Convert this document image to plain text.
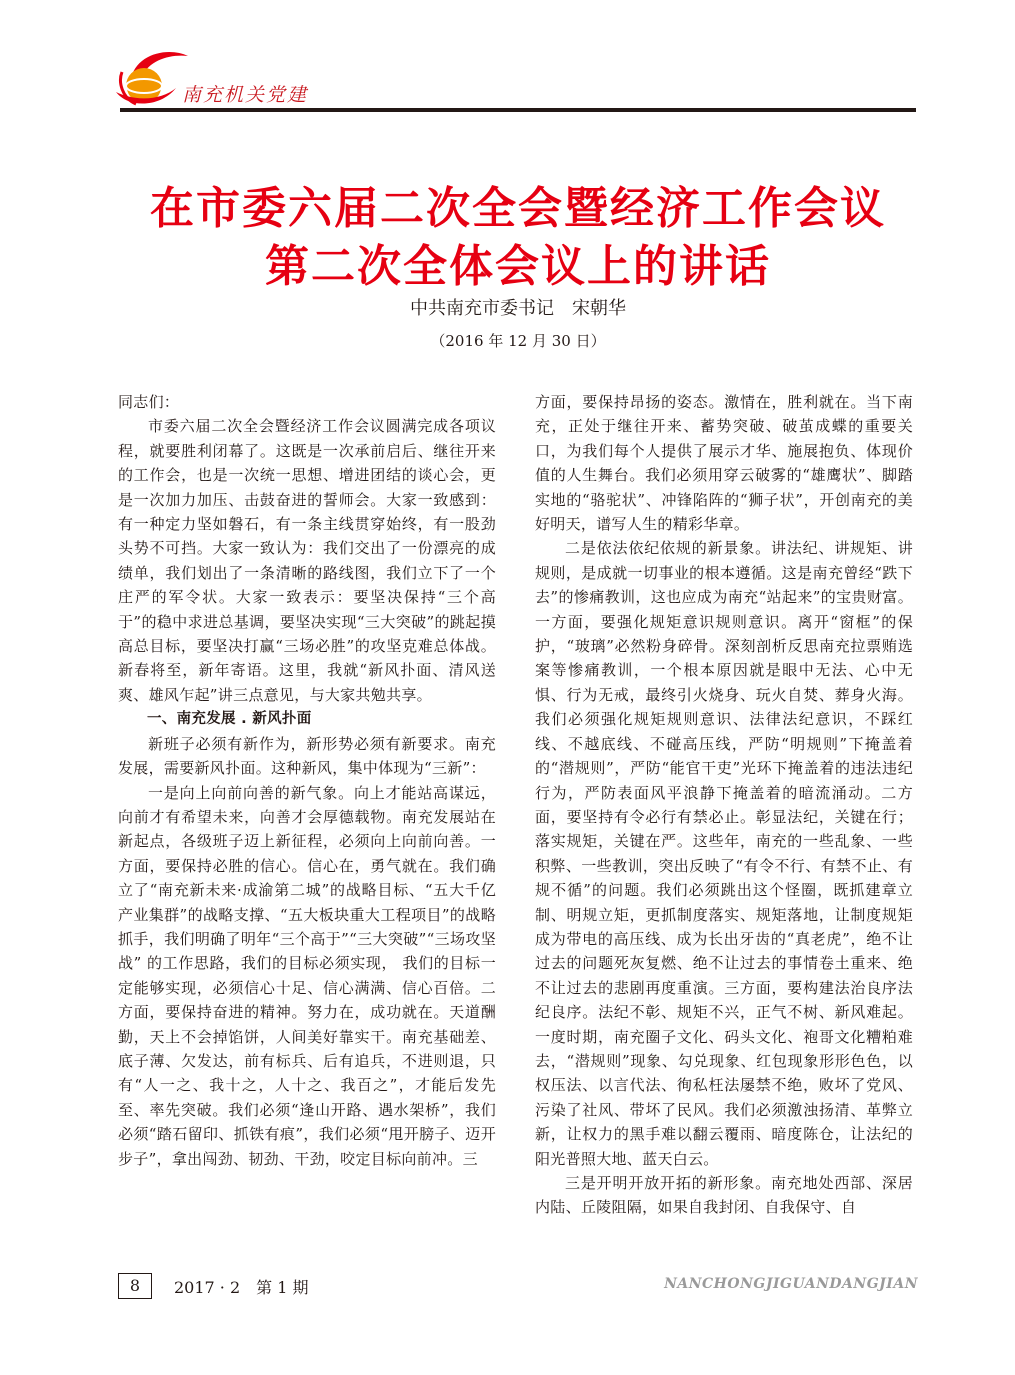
南充机关党建
在市委六届二次全会暨经济工作会议
第二次全体会议上的讲话
中共南充市委书记 宋朝华
（2016 年 12 月 30 日）

同志们：

市委六届二次全会暨经济工作会议圆满完成各项议程，就要胜利闭幕了。这既是一次承前启后、继往开来的工作会，也是一次统一思想、增进团结的谈心会，更是一次加力加压、击鼓奋进的誓师会。大家一致感到：有一种定力坚如磐石，有一条主线贯穿始终，有一股劲头势不可挡。大家一致认为：我们交出了一份漂亮的成绩单，我们划出了一条清晰的路线图，我们立下了一个庄严的军令状。大家一致表示：要坚决保持“三个高于”的稳中求进总基调，要坚决实现“三大突破”的跳起摸高总目标，要坚决打赢“三场必胜”的攻坚克难总体战。新春将至，新年寄语。这里，我就“新风扑面、清风送爽、雄风乍起”讲三点意见，与大家共勉共享。

一、南充发展 . 新风扑面

新班子必须有新作为，新形势必须有新要求。南充发展，需要新风扑面。这种新风，集中体现为“三新”：

一是向上向前向善的新气象。向上才能站高谋远，向前才有希望未来，向善才会厚德载物。南充发展站在新起点，各级班子迈上新征程，必须向上向前向善。一方面，要保持必胜的信心。信心在，勇气就在。我们确立了“南充新未来·成渝第二城”的战略目标、“五大千亿产业集群”的战略支撑、“五大板块重大工程项目”的战略抓手，我们明确了明年“三个高于”“三大突破”“三场攻坚战” 的工作思路，我们的目标必须实现， 我们的目标一定能够实现，必须信心十足、信心满满、信心百倍。二方面，要保持奋进的精神。努力在，成功就在。天道酬勤，天上不会掉馅饼，人间美好靠实干。南充基础差、底子薄、欠发达，前有标兵、后有追兵，不进则退，只有“人一之、我十之，人十之、我百之”，才能后发先至、率先突破。我们必须“逢山开路、遇水架桥”，我们必须“踏石留印、抓铁有痕”，我们必须“甩开膀子、迈开步子”，拿出闯劲、韧劲、干劲，咬定目标向前冲。三

方面，要保持昂扬的姿态。激情在，胜利就在。当下南充，正处于继往开来、蓄势突破、破茧成蝶的重要关口，为我们每个人提供了展示才华、施展抱负、体现价值的人生舞台。我们必须用穿云破雾的“雄鹰状”、脚踏实地的“骆驼状”、冲锋陷阵的“狮子状”，开创南充的美好明天，谱写人生的精彩华章。

二是依法依纪依规的新景象。讲法纪、讲规矩、讲规则，是成就一切事业的根本遵循。这是南充曾经“跌下去”的惨痛教训，这也应成为南充“站起来”的宝贵财富。一方面，要强化规矩意识规则意识。离开“窗框”的保护，“玻璃”必然粉身碎骨。深刻剖析反思南充拉票贿选案等惨痛教训，一个根本原因就是眼中无法、心中无惧、行为无戒，最终引火烧身、玩火自焚、葬身火海。我们必须强化规矩规则意识、法律法纪意识，不踩红线、不越底线、不碰高压线，严防“明规则”下掩盖着的“潜规则”，严防“能官干吏”光环下掩盖着的违法违纪行为，严防表面风平浪静下掩盖着的暗流涌动。二方面，要坚持有令必行有禁必止。彰显法纪，关键在行；落实规矩，关键在严。这些年，南充的一些乱象、一些积弊、一些教训，突出反映了“有令不行、有禁不止、有规不循”的问题。我们必须跳出这个怪圈，既抓建章立制、明规立矩，更抓制度落实、规矩落地，让制度规矩成为带电的高压线、成为长出牙齿的“真老虎”，绝不让过去的问题死灰复燃、绝不让过去的事情卷土重来、绝不让过去的悲剧再度重演。三方面，要构建法治良序法纪良序。法纪不彰、规矩不兴，正气不树、新风难起。一度时期，南充圈子文化、码头文化、袍哥文化糟粕难去，“潜规则”现象、勾兑现象、红包现象形形色色，以权压法、以言代法、徇私枉法屡禁不绝，败坏了党风、污染了社风、带坏了民风。我们必须激浊扬清、革弊立新，让权力的黑手难以翻云覆雨、暗度陈仓，让法纪的阳光普照大地、蓝天白云。

三是开明开放开拓的新形象。南充地处西部、深居内陆、丘陵阻隔，如果自我封闭、自我保守、自

8	2017 · 2　第 1 期	NANCHONGJIGUANDANGJIAN
